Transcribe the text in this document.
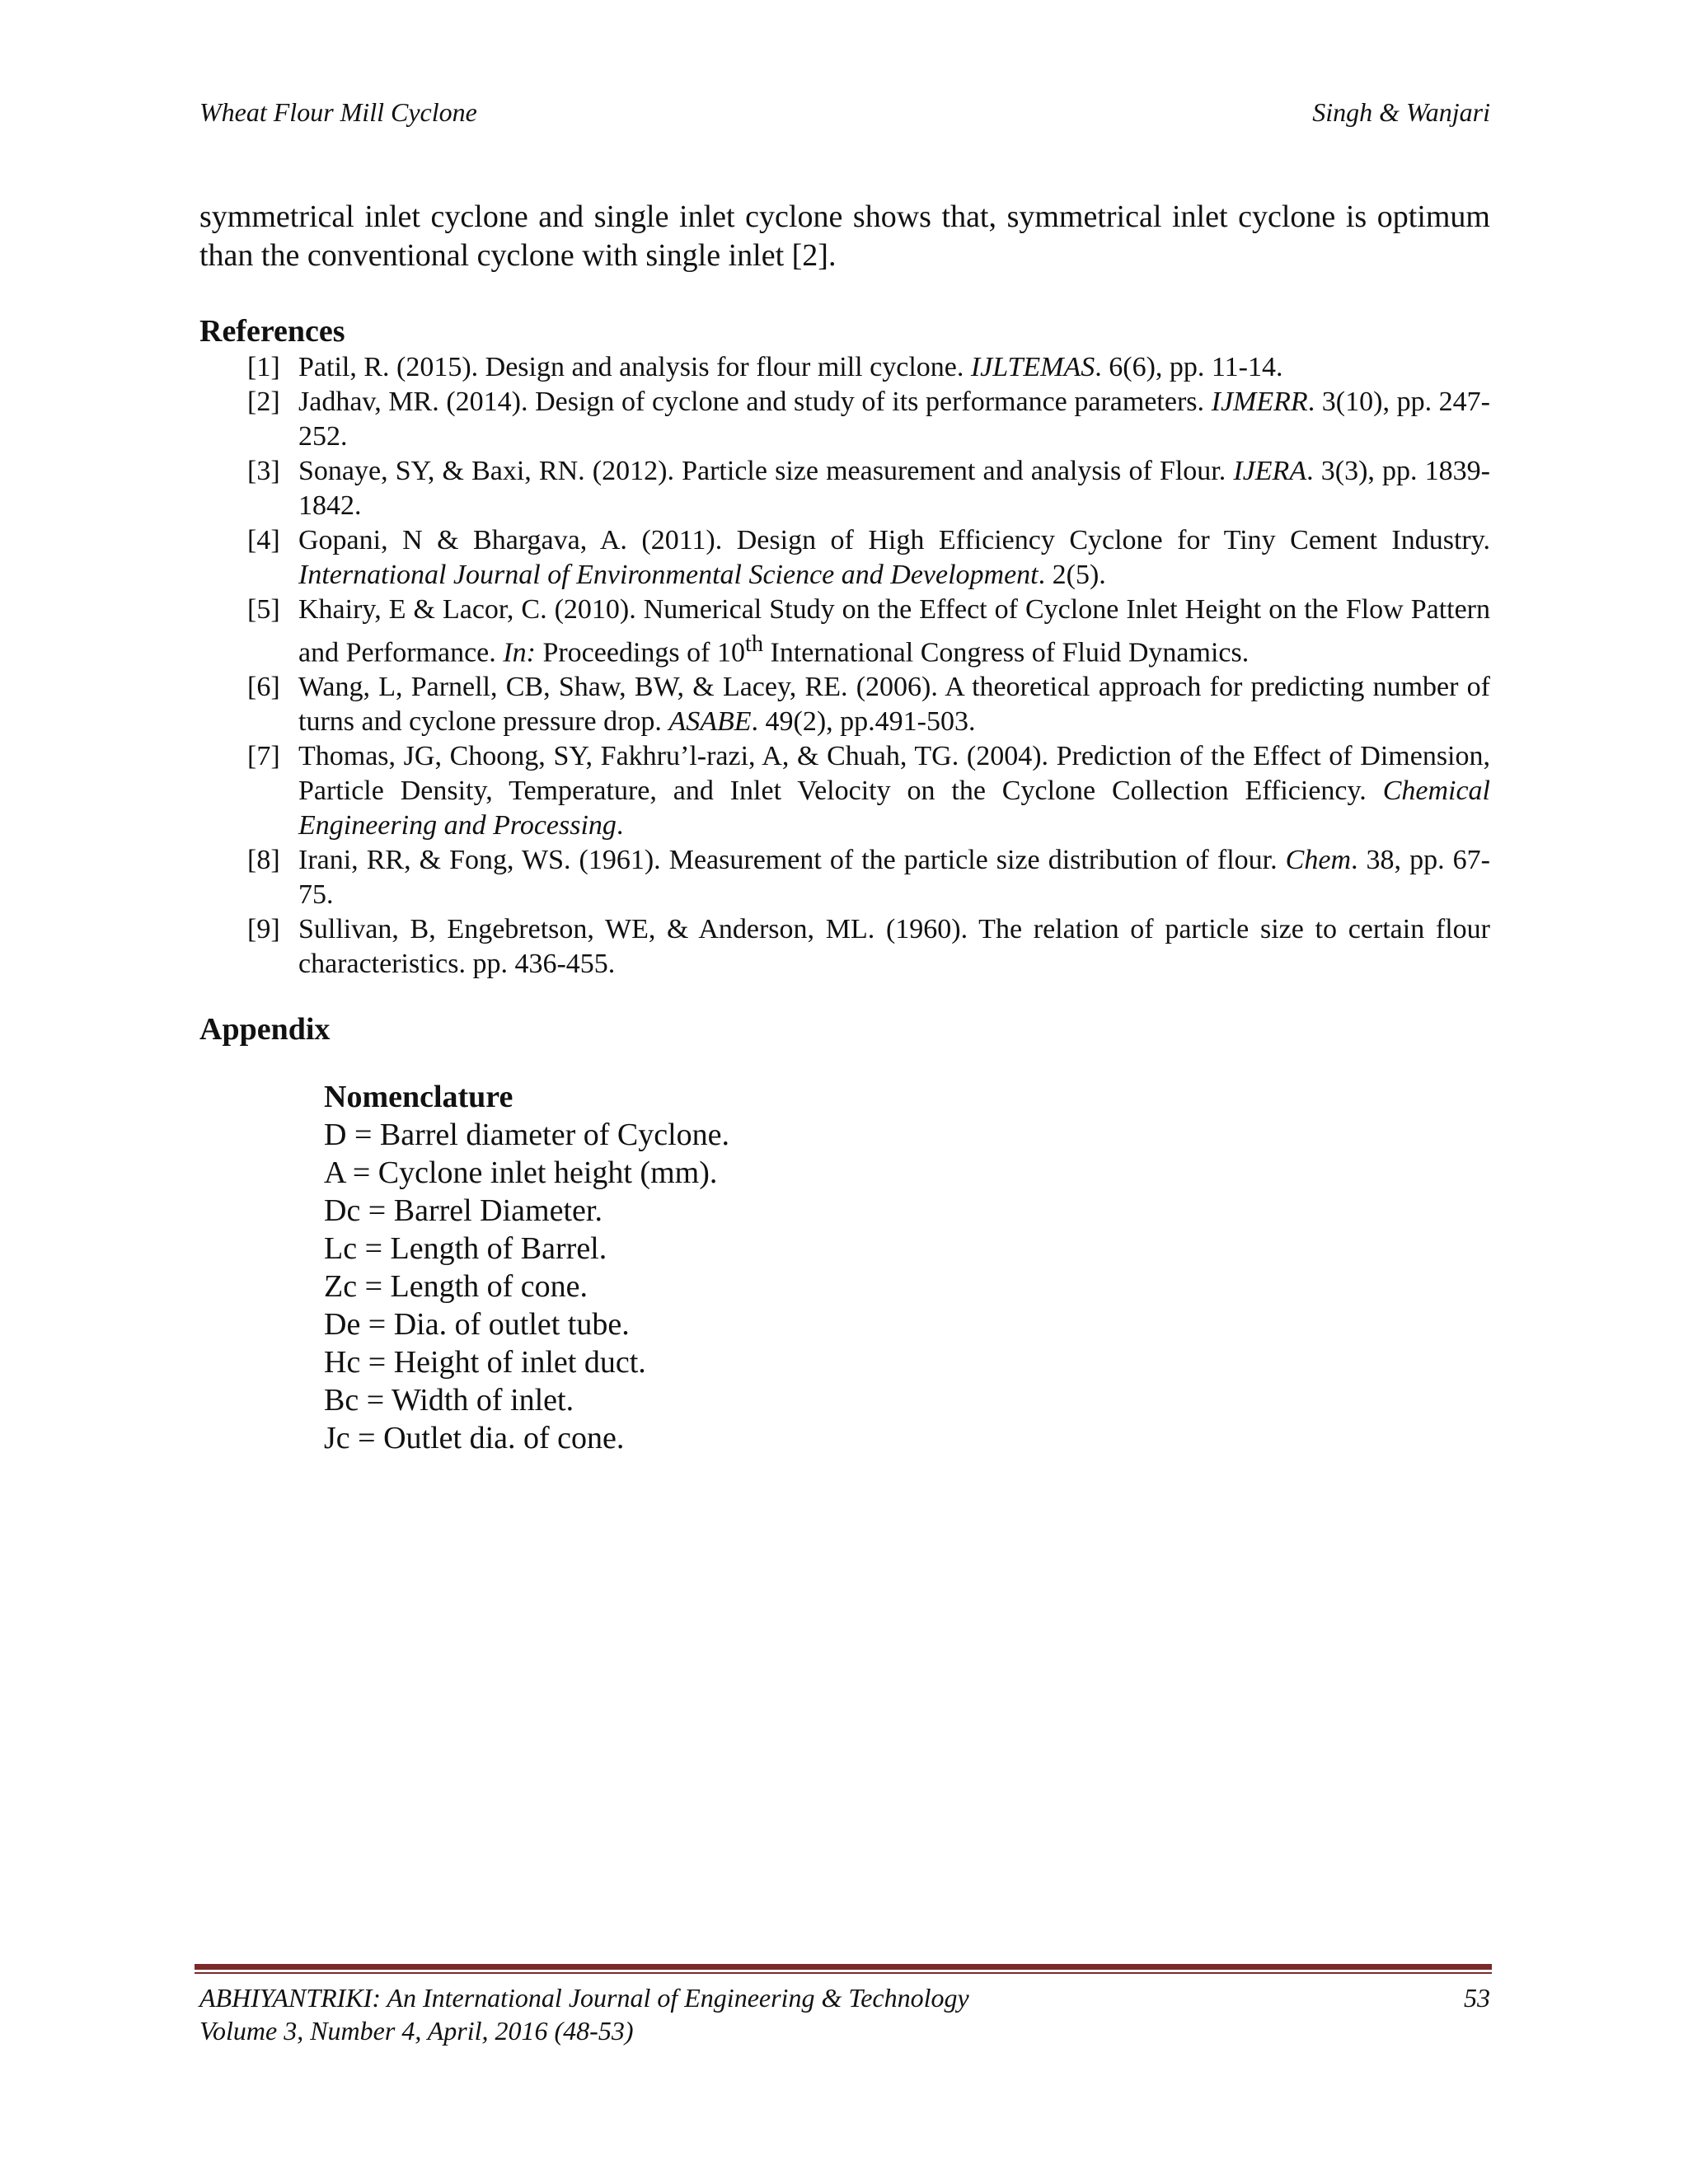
Wheat Flour Mill Cyclone	Singh & Wanjari

symmetrical inlet cyclone and single inlet cyclone shows that, symmetrical inlet cyclone is optimum than the conventional cyclone with single inlet [2].

References
[1] Patil, R. (2015). Design and analysis for flour mill cyclone. IJLTEMAS. 6(6), pp. 11-14.
[2] Jadhav, MR. (2014). Design of cyclone and study of its performance parameters. IJMERR. 3(10), pp. 247-252.
[3] Sonaye, SY, & Baxi, RN. (2012). Particle size measurement and analysis of Flour. IJERA. 3(3), pp. 1839-1842.
[4] Gopani, N & Bhargava, A. (2011). Design of High Efficiency Cyclone for Tiny Cement Industry. International Journal of Environmental Science and Development. 2(5).
[5] Khairy, E & Lacor, C. (2010). Numerical Study on the Effect of Cyclone Inlet Height on the Flow Pattern and Performance. In: Proceedings of 10th International Congress of Fluid Dynamics.
[6] Wang, L, Parnell, CB, Shaw, BW, & Lacey, RE. (2006). A theoretical approach for predicting number of turns and cyclone pressure drop. ASABE. 49(2), pp.491-503.
[7] Thomas, JG, Choong, SY, Fakhru’l-razi, A, & Chuah, TG. (2004). Prediction of the Effect of Dimension, Particle Density, Temperature, and Inlet Velocity on the Cyclone Collection Efficiency. Chemical Engineering and Processing.
[8] Irani, RR, & Fong, WS. (1961). Measurement of the particle size distribution of flour. Chem. 38, pp. 67-75.
[9] Sullivan, B, Engebretson, WE, & Anderson, ML. (1960). The relation of particle size to certain flour characteristics. pp. 436-455.
Appendix

Nomenclature

D = Barrel diameter of Cyclone.
A = Cyclone inlet height (mm).
Dc = Barrel Diameter.
Lc = Length of Barrel.
Zc = Length of cone.
De = Dia. of outlet tube.
Hc = Height of inlet duct.
Bc = Width of inlet.
Jc = Outlet dia. of cone.
ABHIYANTRIKI: An International Journal of Engineering & Technology	53
Volume 3, Number 4, April, 2016 (48-53)
